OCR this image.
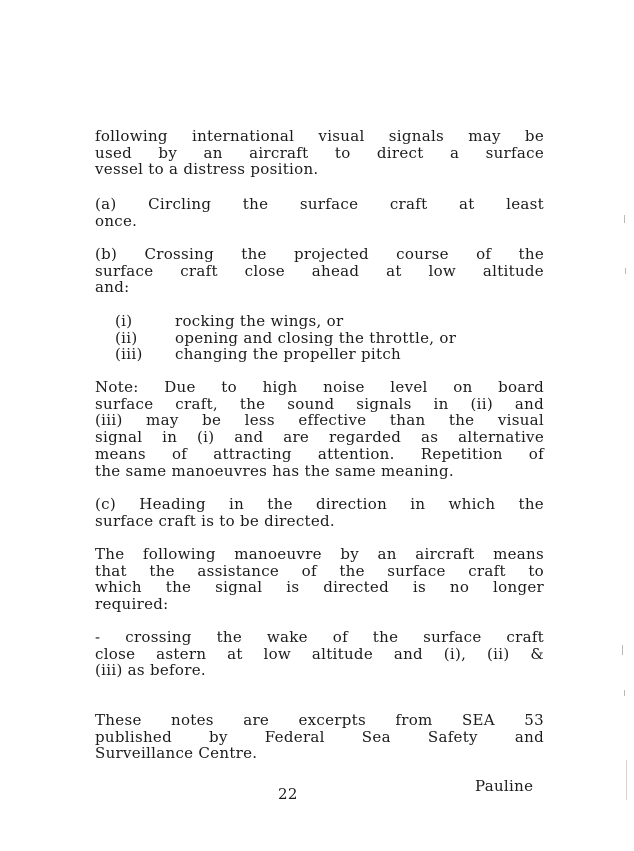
following international visual signals may be
used by an aircraft to direct a surface
vessel to a distress position.
(a) Circling the surface craft at least
once.
(b) Crossing the projected course of the
surface craft close ahead at low altitude
and:
(i)	rocking the wings, or
(ii)	opening and closing the throttle, or
(iii) changing the propeller pitch
Note: Due to high noise level on board
surface craft, the sound signals in (ii) and
(iii) may be less effective than the visual
signal in (i) and are regarded as alternative
means of attracting attention. Repetition of
the same manoeuvres has the same meaning.
(c) Heading in the direction in which the
surface craft is to be directed.
The following manoeuvre by an aircraft means
that the assistance of the surface craft to
which the signal is directed is no longer
required:
- crossing the wake of the surface craft
close astern at low altitude and (i), (ii) &
(iii) as before.
These notes are excerpts from SEA 53
published by Federal Sea Safety and
Surveillance Centre.
Pauline
22
